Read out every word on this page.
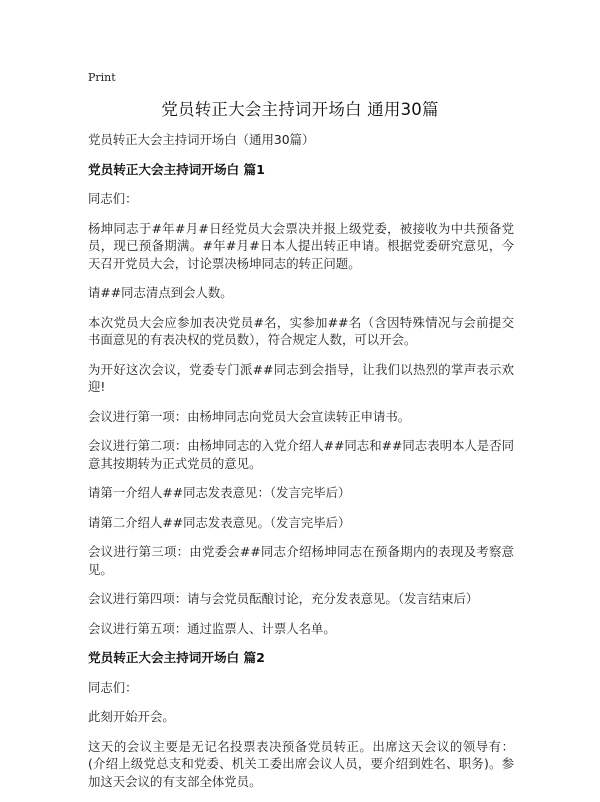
Print
党员转正大会主持词开场白 通用30篇

党员转正大会主持词开场白（通用30篇）

党员转正大会主持词开场白 篇1

同志们：

杨坤同志于#年#月#日经党员大会票决并报上级党委，被接收为中共预备党员，现已预备期满。#年#月#日本人提出转正申请。根据党委研究意见，今天召开党员大会，讨论票决杨坤同志的转正问题。

请##同志清点到会人数。

本次党员大会应参加表决党员#名，实参加##名（含因特殊情况与会前提交书面意见的有表决权的党员数），符合规定人数，可以开会。

为开好这次会议，党委专门派##同志到会指导，让我们以热烈的掌声表示欢迎!

会议进行第一项：由杨坤同志向党员大会宣读转正申请书。

会议进行第二项：由杨坤同志的入党介绍人##同志和##同志表明本人是否同意其按期转为正式党员的意见。

请第一介绍人##同志发表意见：（发言完毕后）

请第二介绍人##同志发表意见。（发言完毕后）

会议进行第三项：由党委会##同志介绍杨坤同志在预备期内的表现及考察意见。

会议进行第四项：请与会党员酝酿讨论，充分发表意见。（发言结束后）

会议进行第五项：通过监票人、计票人名单。

党员转正大会主持词开场白 篇2

同志们：

此刻开始开会。

这天的会议主要是无记名投票表决预备党员转正。出席这天会议的领导有：(介绍上级党总支和党委、机关工委出席会议人员，要介绍到姓名、职务)。参加这天会议的有支部全体党员。
